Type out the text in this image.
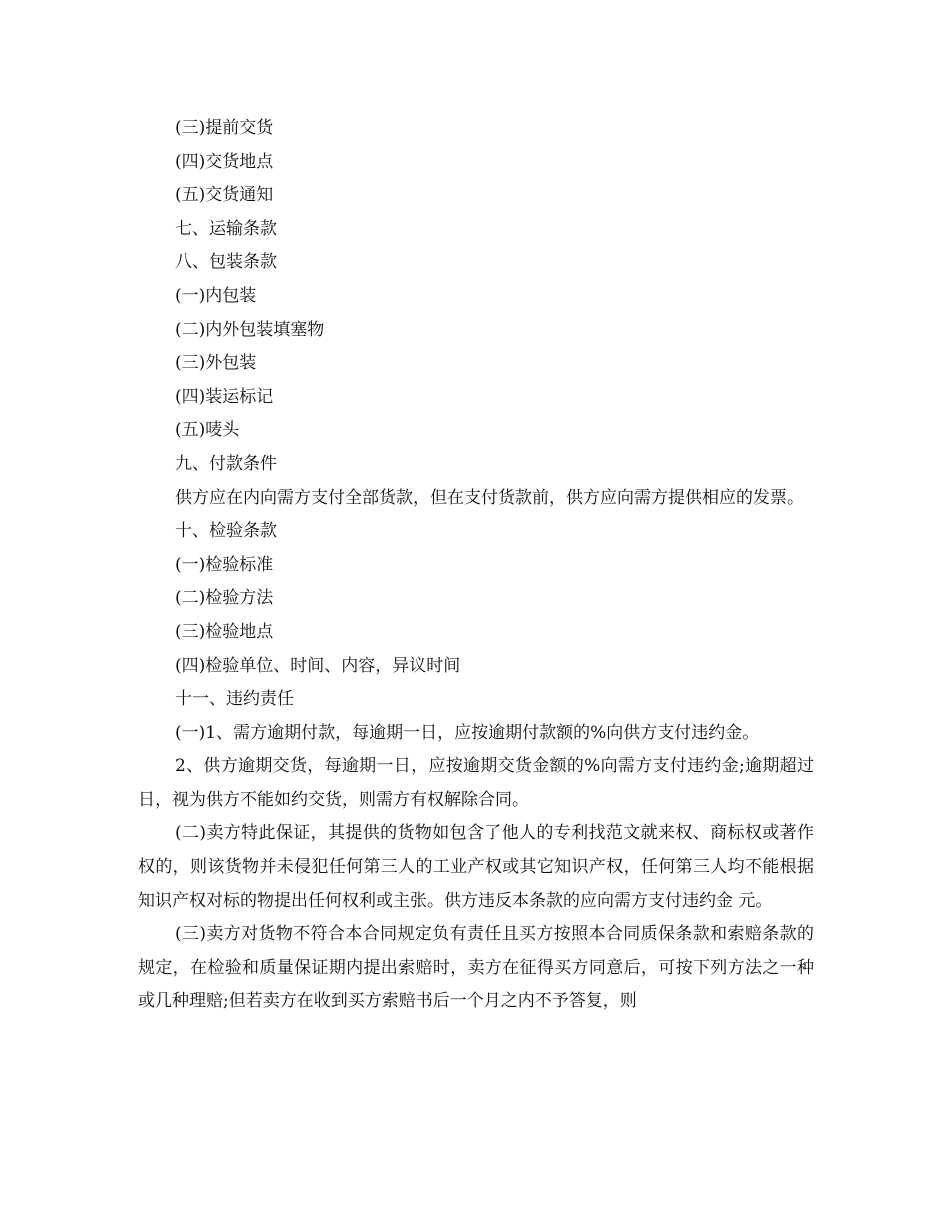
(三)提前交货

(四)交货地点

(五)交货通知

七、运输条款

八、包装条款

(一)内包装

(二)内外包装填塞物

(三)外包装

(四)装运标记

(五)唛头

九、付款条件

供方应在内向需方支付全部货款，但在支付货款前，供方应向需方提供相应的发票。

十、检验条款

(一)检验标准

(二)检验方法

(三)检验地点

(四)检验单位、时间、内容，异议时间

十一、违约责任

(一)1、需方逾期付款，每逾期一日，应按逾期付款额的%向供方支付违约金。

2、供方逾期交货，每逾期一日，应按逾期交货金额的%向需方支付违约金;逾期超过日，视为供方不能如约交货，则需方有权解除合同。

(二)卖方特此保证，其提供的货物如包含了他人的专利找范文就来权、商标权或著作权的，则该货物并未侵犯任何第三人的工业产权或其它知识产权，任何第三人均不能根据知识产权对标的物提出任何权利或主张。供方违反本条款的应向需方支付违约金 元。

(三)卖方对货物不符合本合同规定负有责任且买方按照本合同质保条款和索赔条款的规定，在检验和质量保证期内提出索赔时，卖方在征得买方同意后，可按下列方法之一种或几种理赔;但若卖方在收到买方索赔书后一个月之内不予答复，则
